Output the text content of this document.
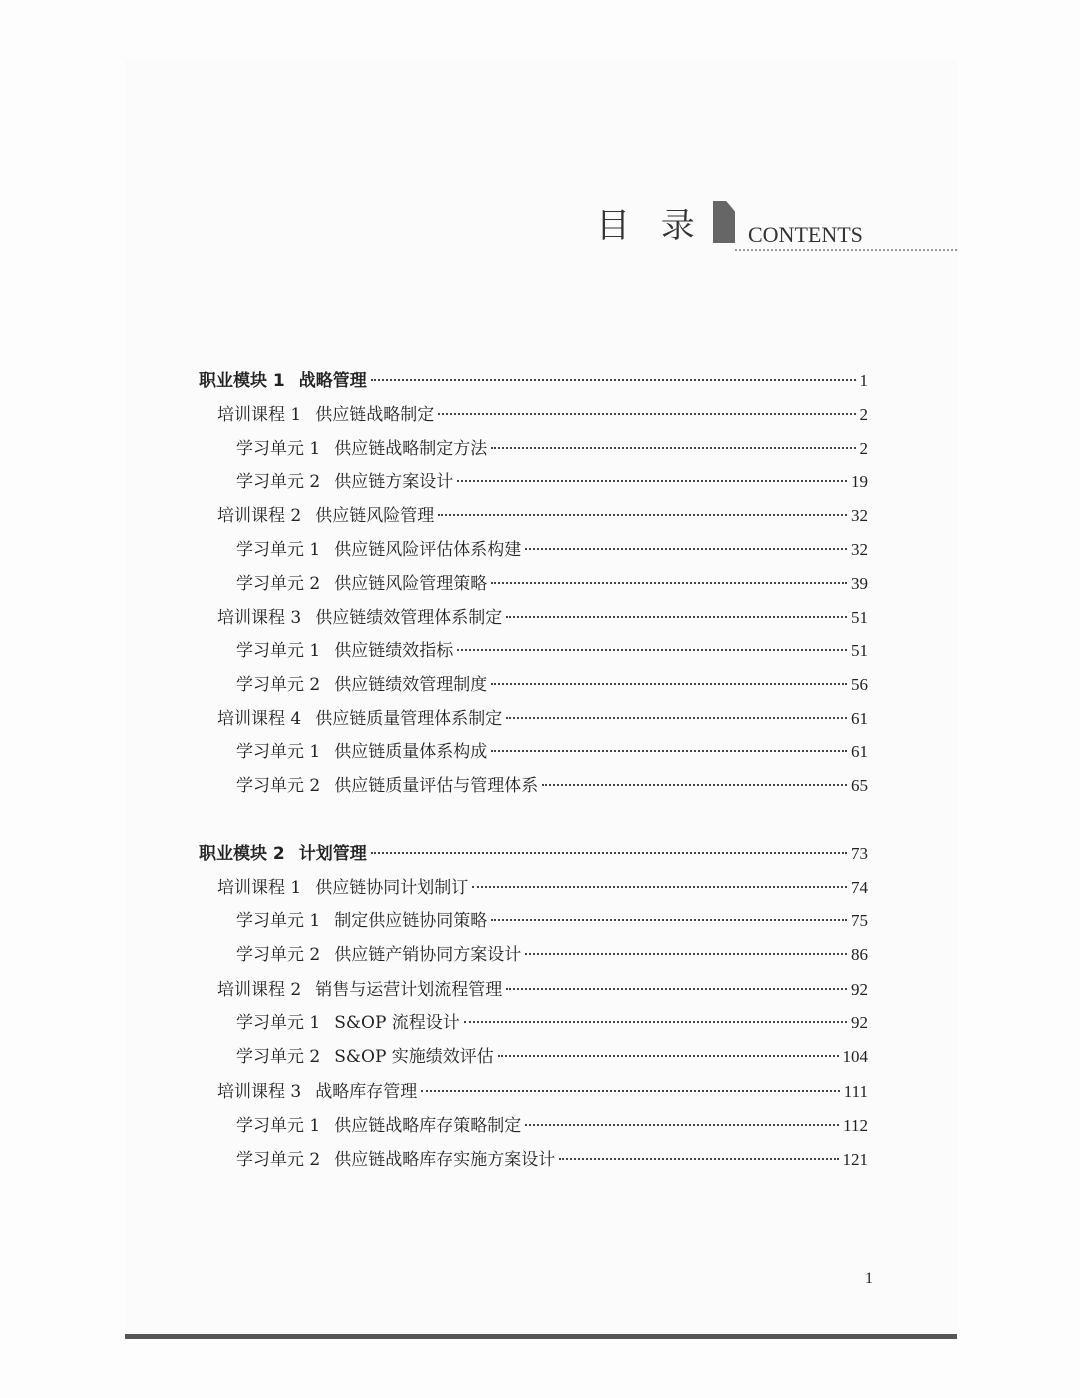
目 录 CONTENTS
职业模块 1 战略管理	1
培训课程 1 供应链战略制定	2
学习单元 1 供应链战略制定方法	2
学习单元 2 供应链方案设计	19
培训课程 2 供应链风险管理	32
学习单元 1 供应链风险评估体系构建	32
学习单元 2 供应链风险管理策略	39
培训课程 3 供应链绩效管理体系制定	51
学习单元 1 供应链绩效指标	51
学习单元 2 供应链绩效管理制度	56
培训课程 4 供应链质量管理体系制定	61
学习单元 1 供应链质量体系构成	61
学习单元 2 供应链质量评估与管理体系	65
职业模块 2 计划管理	73
培训课程 1 供应链协同计划制订	74
学习单元 1 制定供应链协同策略	75
学习单元 2 供应链产销协同方案设计	86
培训课程 2 销售与运营计划流程管理	92
学习单元 1 S&OP 流程设计	92
学习单元 2 S&OP 实施绩效评估	104
培训课程 3 战略库存管理	111
学习单元 1 供应链战略库存策略制定	112
学习单元 2 供应链战略库存实施方案设计	121
1
